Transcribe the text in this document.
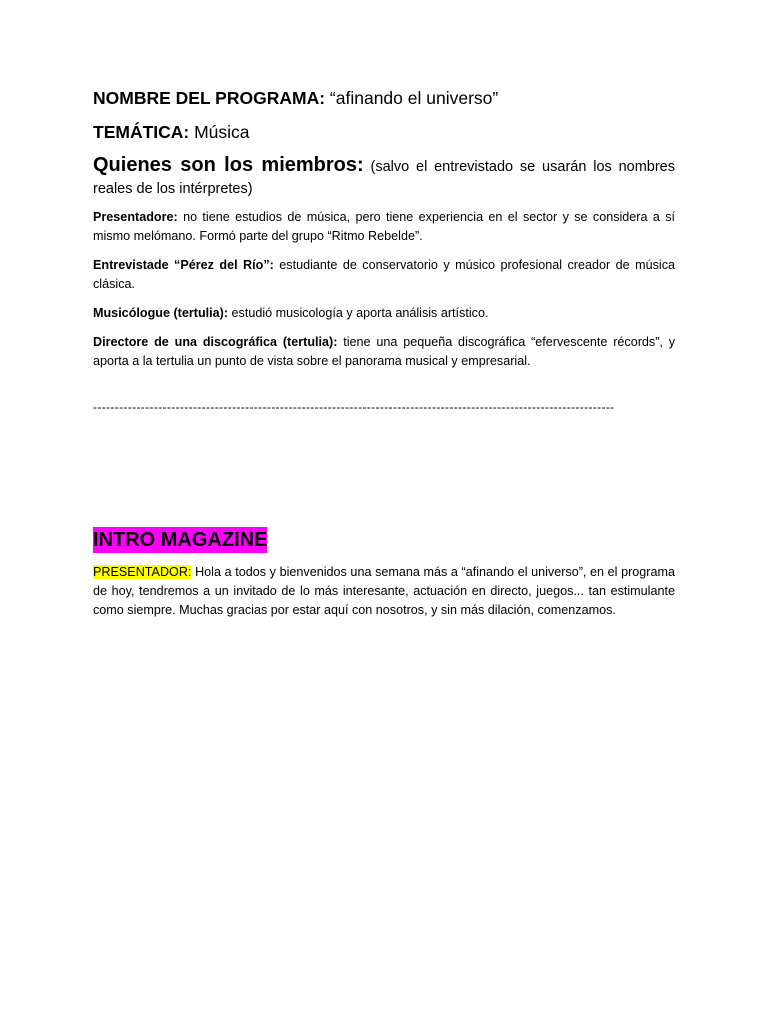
NOMBRE DEL PROGRAMA: “afinando el universo”

TEMÁTICA: Música

Quienes son los miembros: (salvo el entrevistado se usarán los nombres reales de los intérpretes)

Presentadore: no tiene estudios de música, pero tiene experiencia en el sector y se considera a sí mismo melómano. Formó parte del grupo “Ritmo Rebelde”.

Entrevistade “Pérez del Río”: estudiante de conservatorio y músico profesional creador de música clásica.

Musicólogue (tertulia): estudió musicología y aporta análisis artístico.

Directore de una discográfica (tertulia): tiene una pequeña discográfica “efervescente récords”, y aporta a la tertulia un punto de vista sobre el panorama musical y empresarial.

------------------------------------------------------------------------------------------------------------------------
INTRO MAGAZINE

PRESENTADOR: Hola a todos y bienvenidos una semana más a “afinando el universo”, en el programa de hoy, tendremos a un invitado de lo más interesante, actuación en directo, juegos... tan estimulante como siempre. Muchas gracias por estar aquí con nosotros, y sin más dilación, comenzamos.
